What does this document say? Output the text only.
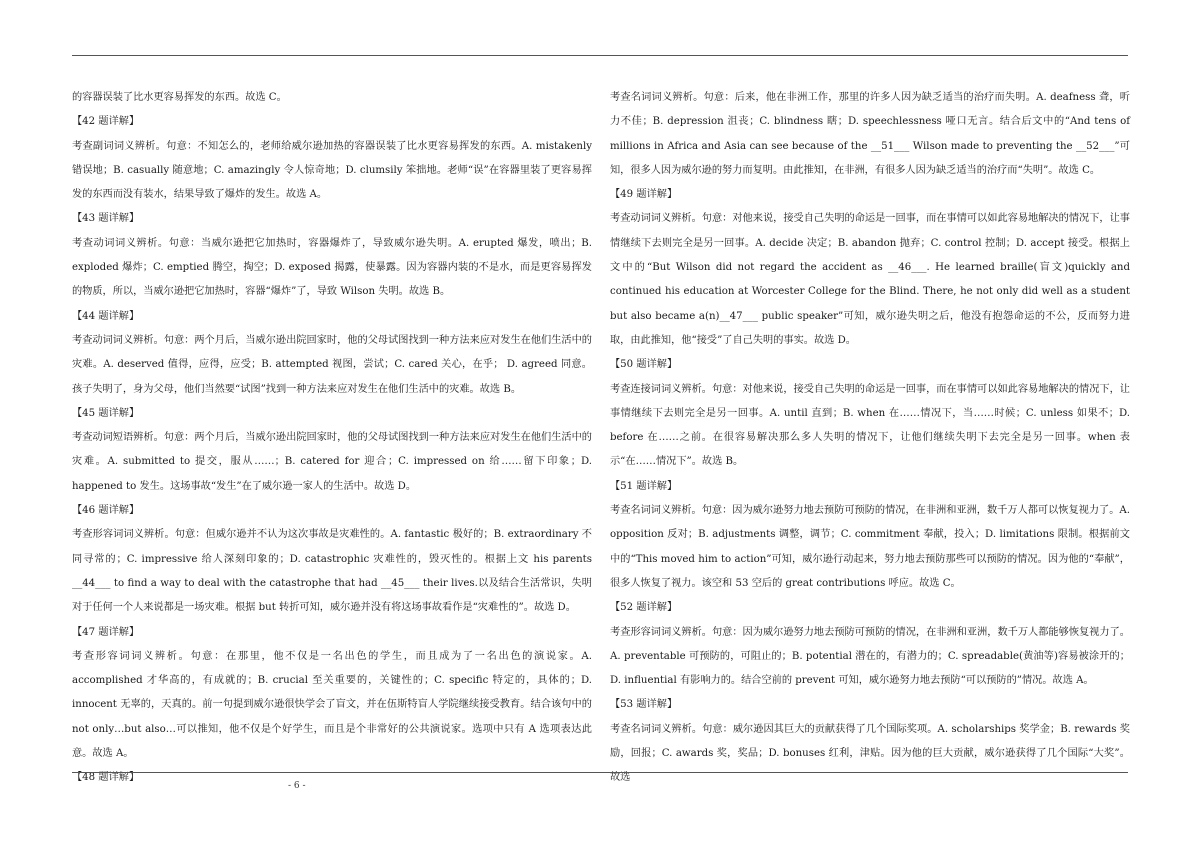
的容器误装了比水更容易挥发的东西。故选 C。

【42 题详解】

考查副词词义辨析。句意：不知怎么的，老师给威尔逊加热的容器误装了比水更容易挥发的东西。A. mistakenly 错误地；B. casually 随意地；C. amazingly 令人惊奇地；D. clumsily 笨拙地。老师“误”在容器里装了更容易挥发的东西而没有装水，结果导致了爆炸的发生。故选 A。

【43 题详解】

考查动词词义辨析。句意：当威尔逊把它加热时，容器爆炸了，导致威尔逊失明。A. erupted 爆发，喷出；B. exploded 爆炸；C. emptied 腾空，掏空；D. exposed 揭露，使暴露。因为容器内装的不是水，而是更容易挥发的物质，所以，当威尔逊把它加热时，容器“爆炸”了，导致 Wilson 失明。故选 B。

【44 题详解】

考查动词词义辨析。句意：两个月后，当威尔逊出院回家时，他的父母试图找到一种方法来应对发生在他们生活中的灾难。A. deserved 值得，应得，应受；B. attempted 视图，尝试；C. cared 关心，在乎； D. agreed 同意。孩子失明了，身为父母，他们当然要“试图”找到一种方法来应对发生在他们生活中的灾难。故选 B。

【45 题详解】

考查动词短语辨析。句意：两个月后，当威尔逊出院回家时，他的父母试图找到一种方法来应对发生在他们生活中的灾难。A. submitted to 提交，服从……；B. catered for 迎合；C. impressed on 给……留下印象；D. happened to 发生。这场事故“发生”在了威尔逊一家人的生活中。故选 D。

【46 题详解】

考查形容词词义辨析。句意：但威尔逊并不认为这次事故是灾难性的。A. fantastic 极好的；B. extraordinary 不同寻常的；C. impressive 给人深刻印象的；D. catastrophic 灾难性的，毁灭性的。根据上文 his parents __44___ to find a way to deal with the catastrophe that had __45___ their lives.以及结合生活常识，失明对于任何一个人来说都是一场灾难。根据 but 转折可知，威尔逊并没有将这场事故看作是“灾难性的”。故选 D。

【47 题详解】

考查形容词词义辨析。句意：在那里，他不仅是一名出色的学生，而且成为了一名出色的演说家。A. accomplished 才华高的，有成就的；B. crucial 至关重要的，关键性的；C. specific 特定的，具体的；D. innocent 无辜的，天真的。前一句提到威尔逊很快学会了盲文，并在伍斯特盲人学院继续接受教育。结合该句中的 not only…but also…可以推知，他不仅是个好学生，而且是个非常好的公共演说家。选项中只有 A 选项表达此意。故选 A。

【48 题详解】

考查名词词义辨析。句意：后来，他在非洲工作，那里的许多人因为缺乏适当的治疗而失明。A. deafness 聋，听力不佳；B. depression 沮丧；C. blindness 瞎；D. speechlessness 哑口无言。结合后文中的“And tens of millions in Africa and Asia can see because of the __51___ Wilson made to preventing the __52___”可知，很多人因为威尔逊的努力而复明。由此推知，在非洲，有很多人因为缺乏适当的治疗而“失明”。故选 C。

【49 题详解】

考查动词词义辨析。句意：对他来说，接受自己失明的命运是一回事，而在事情可以如此容易地解决的情况下，让事情继续下去则完全是另一回事。A. decide 决定；B. abandon 抛弃；C. control 控制；D. accept 接受。根据上文中的“But Wilson did not regard the accident as __46___. He learned braille(盲文)quickly and continued his education at Worcester College for the Blind. There, he not only did well as a student but also became a(n)__47___ public speaker”可知，威尔逊失明之后，他没有抱怨命运的不公，反而努力进取，由此推知，他“接受”了自己失明的事实。故选 D。

【50 题详解】

考查连接词词义辨析。句意：对他来说，接受自己失明的命运是一回事，而在事情可以如此容易地解决的情况下，让事情继续下去则完全是另一回事。A. until 直到；B. when 在……情况下，当……时候；C. unless 如果不；D. before 在……之前。在很容易解决那么多人失明的情况下，让他们继续失明下去完全是另一回事。when 表示“在……情况下”。故选 B。

【51 题详解】

考查名词词义辨析。句意：因为威尔逊努力地去预防可预防的情况，在非洲和亚洲，数千万人都可以恢复视力了。A. opposition 反对；B. adjustments 调整，调节；C. commitment 奉献，投入；D. limitations 限制。根据前文中的“This moved him to action”可知，威尔逊行动起来，努力地去预防那些可以预防的情况。因为他的“奉献”，很多人恢复了视力。该空和 53 空后的 great contributions 呼应。故选 C。

【52 题详解】

考查形容词词义辨析。句意：因为威尔逊努力地去预防可预防的情况，在非洲和亚洲，数千万人都能够恢复视力了。A. preventable 可预防的，可阻止的；B. potential 潜在的，有潜力的；C. spreadable(黄油等)容易被涂开的；D. influential 有影响力的。结合空前的 prevent 可知，威尔逊努力地去预防“可以预防的”情况。故选 A。

【53 题详解】

考查名词词义辨析。句意：威尔逊因其巨大的贡献获得了几个国际奖项。A. scholarships 奖学金；B. rewards 奖励，回报；C. awards 奖，奖品；D. bonuses 红利，津贴。因为他的巨大贡献，威尔逊获得了几个国际“大奖”。故选

- 6 -
